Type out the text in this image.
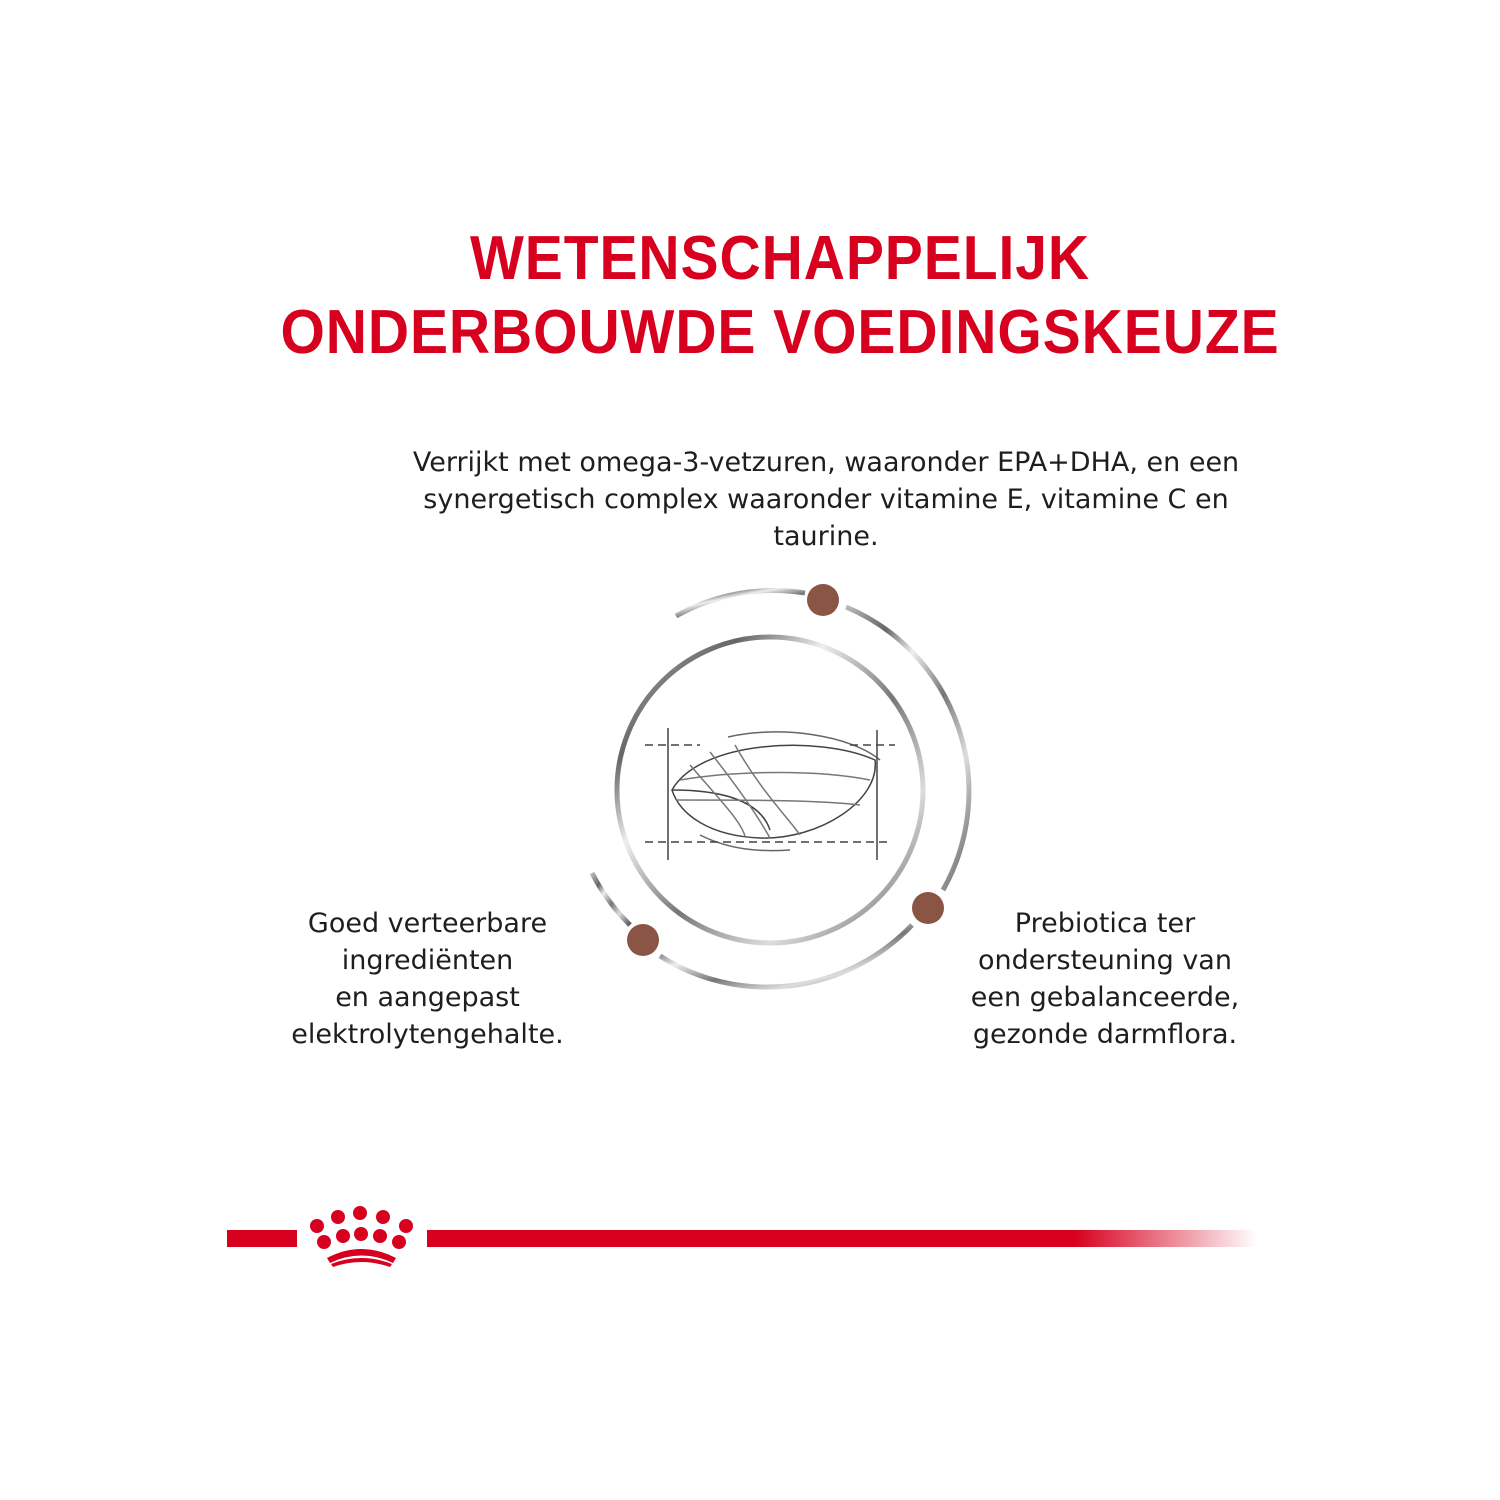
WETENSCHAPPELIJK
ONDERBOUWDE VOEDINGSKEUZE
Verrijkt met omega-3-vetzuren, waaronder EPA+DHA, en een synergetisch complex waaronder vitamine E, vitamine C en taurine.
Goed verteerbare
ingrediënten
en aangepast
elektrolytengehalte.
Prebiotica ter
ondersteuning van
een gebalanceerde,
gezonde darmflora.
